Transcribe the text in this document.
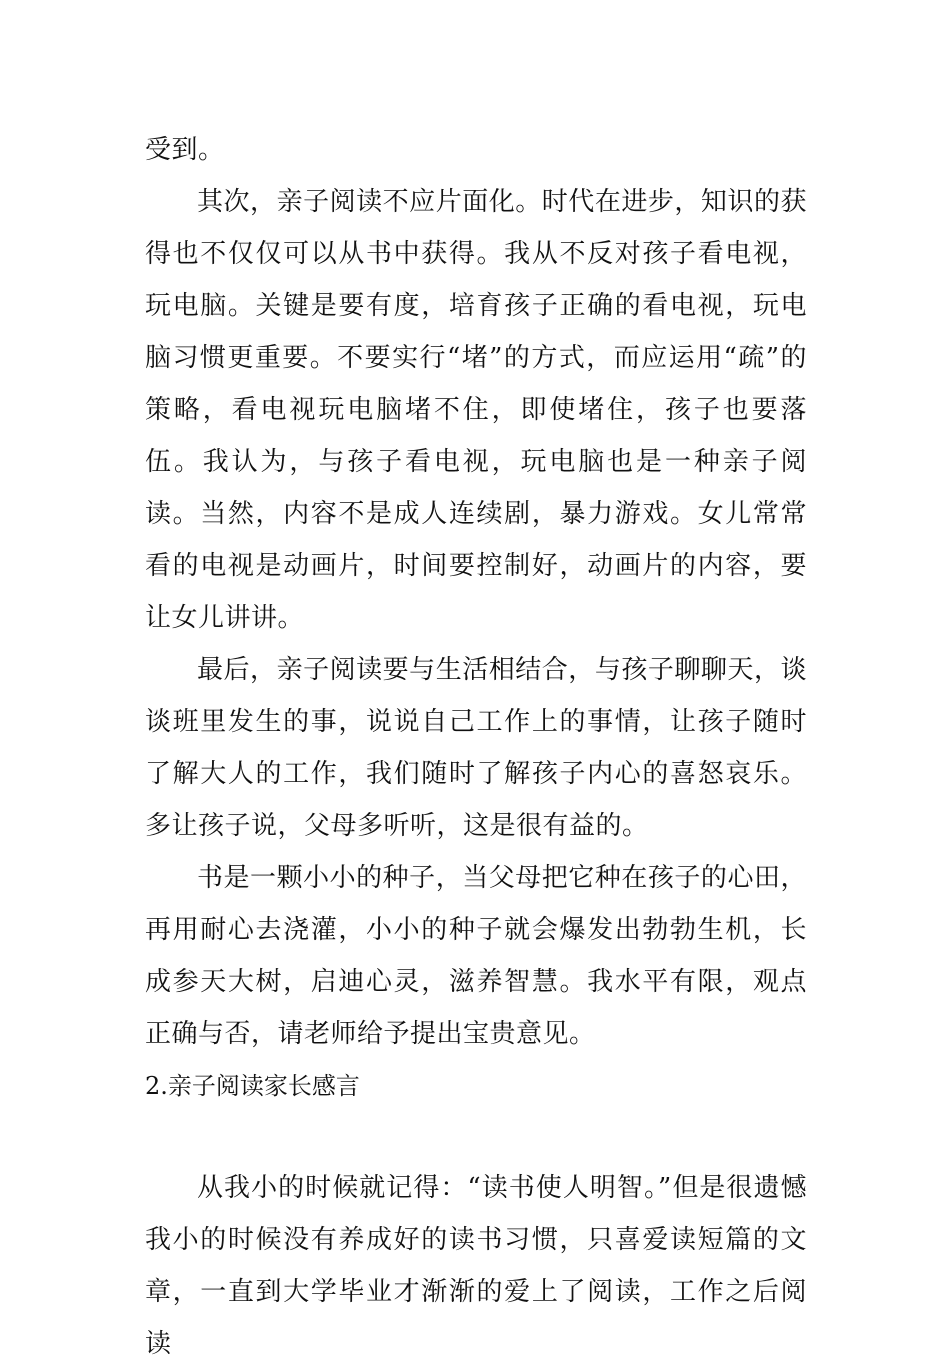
受到。

其次，亲子阅读不应片面化。时代在进步，知识的获得也不仅仅可以从书中获得。我从不反对孩子看电视，玩电脑。关键是要有度，培育孩子正确的看电视，玩电脑习惯更重要。不要实行“堵”的方式，而应运用“疏”的策略，看电视玩电脑堵不住，即使堵住，孩子也要落伍。我认为，与孩子看电视，玩电脑也是一种亲子阅读。当然，内容不是成人连续剧，暴力游戏。女儿常常看的电视是动画片，时间要控制好，动画片的内容，要让女儿讲讲。

最后，亲子阅读要与生活相结合，与孩子聊聊天，谈谈班里发生的事，说说自己工作上的事情，让孩子随时了解大人的工作，我们随时了解孩子内心的喜怒哀乐。多让孩子说，父母多听听，这是很有益的。

书是一颗小小的种子，当父母把它种在孩子的心田，再用耐心去浇灌，小小的种子就会爆发出勃勃生机，长成参天大树，启迪心灵，滋养智慧。我水平有限，观点正确与否，请老师给予提出宝贵意见。

2.亲子阅读家长感言

从我小的时候就记得：“读书使人明智。”但是很遗憾我小的时候没有养成好的读书习惯，只喜爱读短篇的文章，一直到大学毕业才渐渐的爱上了阅读，工作之后阅读
